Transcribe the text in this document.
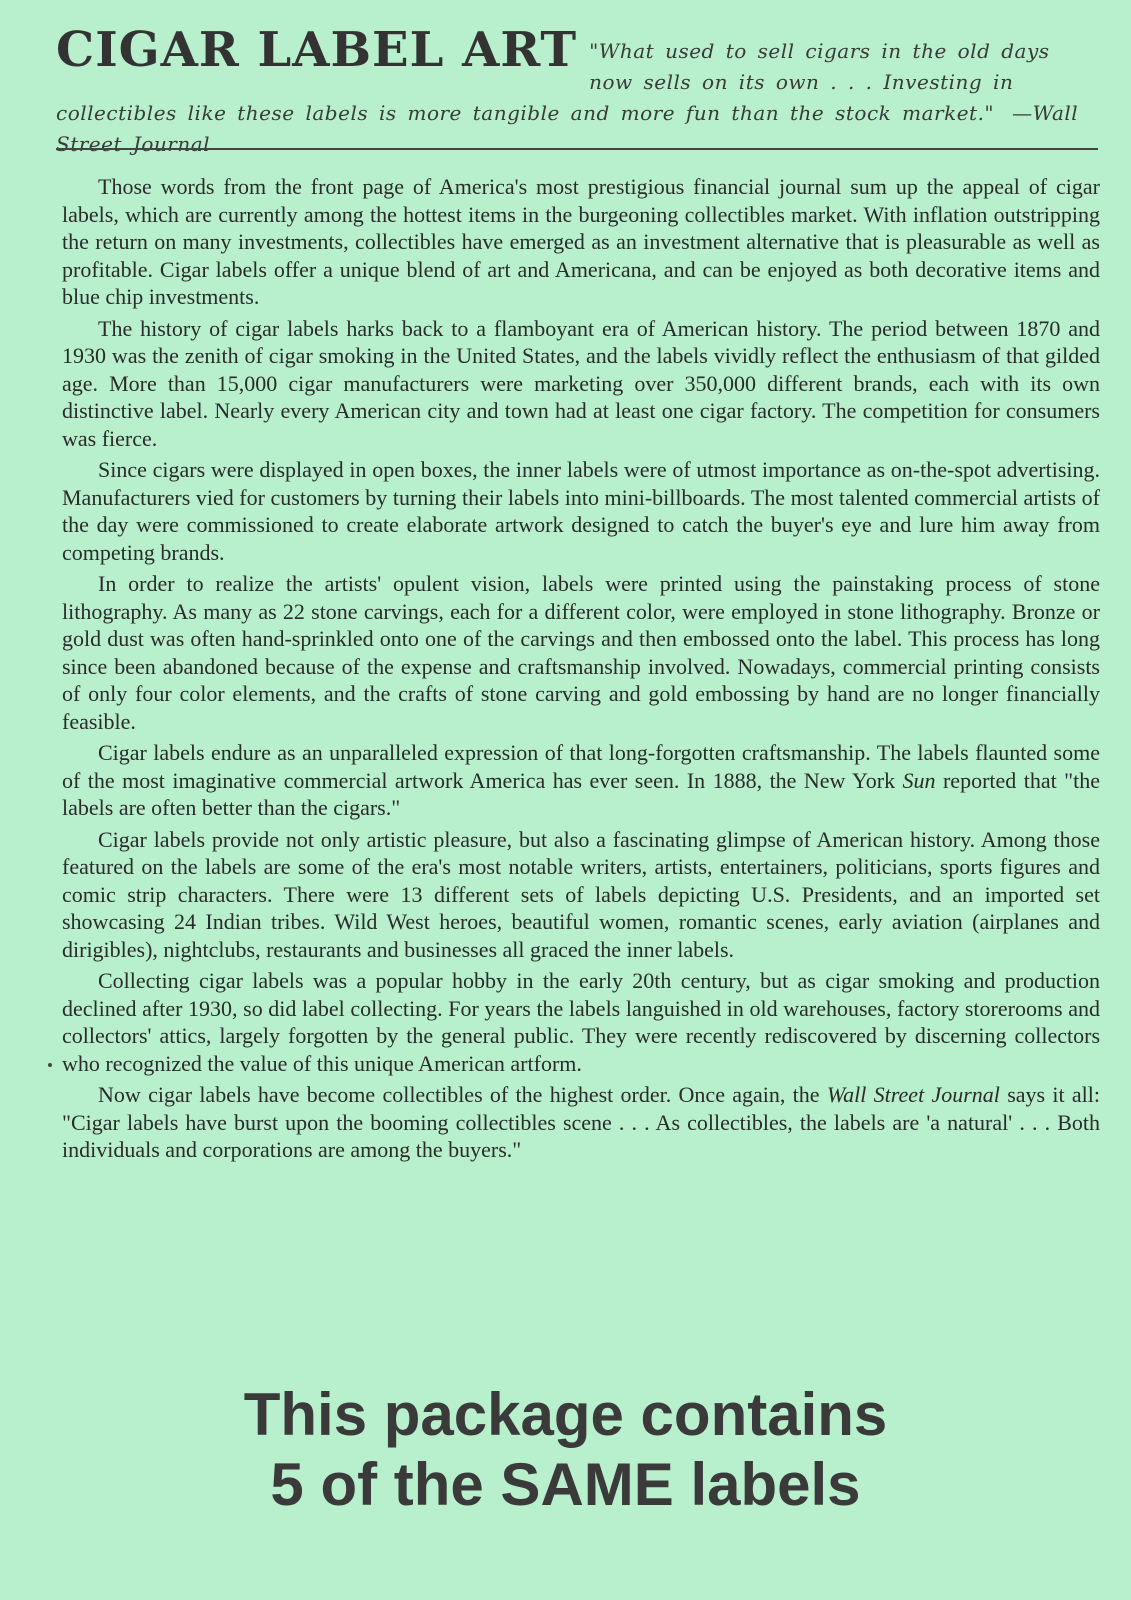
CIGAR LABEL ART "What used to sell cigars in the old days now sells on its own . . . Investing in collectibles like these labels is more tangible and more fun than the stock market." —Wall Street Journal

Those words from the front page of America's most prestigious financial journal sum up the appeal of cigar labels, which are currently among the hottest items in the burgeoning collectibles market. With inflation outstripping the return on many investments, collectibles have emerged as an investment alternative that is pleasurable as well as profitable. Cigar labels offer a unique blend of art and Americana, and can be enjoyed as both decorative items and blue chip investments.

The history of cigar labels harks back to a flamboyant era of American history. The period between 1870 and 1930 was the zenith of cigar smoking in the United States, and the labels vividly reflect the enthusiasm of that gilded age. More than 15,000 cigar manufacturers were marketing over 350,000 different brands, each with its own distinctive label. Nearly every American city and town had at least one cigar factory. The competition for consumers was fierce.

Since cigars were displayed in open boxes, the inner labels were of utmost importance as on-the-spot advertising. Manufacturers vied for customers by turning their labels into mini-billboards. The most talented commercial artists of the day were commissioned to create elaborate artwork designed to catch the buyer's eye and lure him away from competing brands.

In order to realize the artists' opulent vision, labels were printed using the painstaking process of stone lithography. As many as 22 stone carvings, each for a different color, were employed in stone lithography. Bronze or gold dust was often hand-sprinkled onto one of the carvings and then embossed onto the label. This process has long since been abandoned because of the expense and craftsmanship involved. Nowadays, commercial printing consists of only four color elements, and the crafts of stone carving and gold embossing by hand are no longer financially feasible.

Cigar labels endure as an unparalleled expression of that long-forgotten craftsmanship. The labels flaunted some of the most imaginative commercial artwork America has ever seen. In 1888, the New York Sun reported that "the labels are often better than the cigars."

Cigar labels provide not only artistic pleasure, but also a fascinating glimpse of American history. Among those featured on the labels are some of the era's most notable writers, artists, entertainers, politicians, sports figures and comic strip characters. There were 13 different sets of labels depicting U.S. Presidents, and an imported set showcasing 24 Indian tribes. Wild West heroes, beautiful women, romantic scenes, early aviation (airplanes and dirigibles), nightclubs, restaurants and businesses all graced the inner labels.

Collecting cigar labels was a popular hobby in the early 20th century, but as cigar smoking and production declined after 1930, so did label collecting. For years the labels languished in old warehouses, factory storerooms and collectors' attics, largely forgotten by the general public. They were recently rediscovered by discerning collectors who recognized the value of this unique American artform.

Now cigar labels have become collectibles of the highest order. Once again, the Wall Street Journal says it all: "Cigar labels have burst upon the booming collectibles scene . . . As collectibles, the labels are 'a natural' . . . Both individuals and corporations are among the buyers."

This package contains
5 of the SAME labels
